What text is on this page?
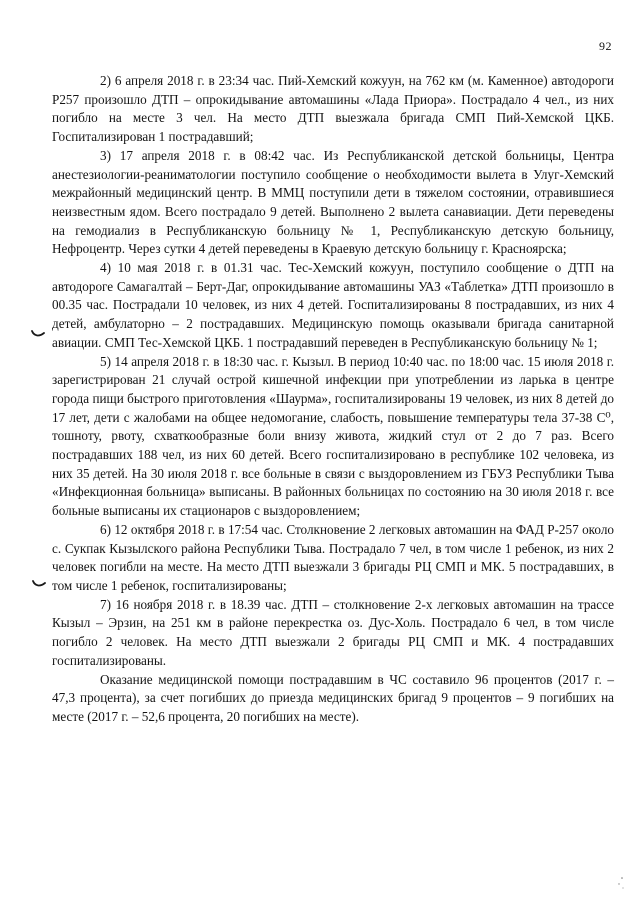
92

2) 6 апреля 2018 г. в 23:34 час. Пий-Хемский кожуун, на 762 км (м. Каменное) автодороги Р257 произошло ДТП – опрокидывание автомашины «Лада Приора». Пострадало 4 чел., из них погибло на месте 3 чел. На место ДТП выезжала бригада СМП Пий-Хемской ЦКБ. Госпитализирован 1 пострадавший;

3) 17 апреля 2018 г. в 08:42 час. Из Республиканской детской больницы, Центра анестезиологии-реаниматологии поступило сообщение о необходимости вылета в Улуг-Хемский межрайонный медицинский центр. В ММЦ поступили дети в тяжелом состоянии, отравившиеся неизвестным ядом. Всего пострадало 9 детей. Выполнено 2 вылета санавиации. Дети переведены на гемодиализ в Республиканскую больницу № 1, Республиканскую детскую больницу, Нефроцентр. Через сутки 4 детей переведены в Краевую детскую больницу г. Красноярска;

4) 10 мая 2018 г. в 01.31 час. Тес-Хемский кожуун, поступило сообщение о ДТП на автодороге Самагалтай – Берт-Даг, опрокидывание автомашины УАЗ «Таблетка» ДТП произошло в 00.35 час. Пострадали 10 человек, из них 4 детей. Госпитализированы 8 пострадавших, из них 4 детей, амбулаторно – 2 пострадавших. Медицинскую помощь оказывали бригада санитарной авиации. СМП Тес-Хемской ЦКБ. 1 пострадавший переведен в Республиканскую больницу № 1;

5) 14 апреля 2018 г. в 18:30 час. г. Кызыл. В период 10:40 час. по 18:00 час. 15 июля 2018 г. зарегистрирован 21 случай острой кишечной инфекции при употреблении из ларька в центре города пищи быстрого приготовления «Шаурма», госпитализированы 19 человек, из них 8 детей до 17 лет, дети с жалобами на общее недомогание, слабость, повышение температуры тела 37-38 С⁰, тошноту, рвоту, схваткообразные боли внизу живота, жидкий стул от 2 до 7 раз. Всего пострадавших 188 чел, из них 60 детей. Всего госпитализировано в республике 102 человека, из них 35 детей. На 30 июля 2018 г. все больные в связи с выздоровлением из ГБУЗ Республики Тыва «Инфекционная больница» выписаны. В районных больницах по состоянию на 30 июля 2018 г. все больные выписаны их стационаров с выздоровлением;

6) 12 октября 2018 г. в 17:54 час. Столкновение 2 легковых автомашин на ФАД Р-257 около с. Сукпак Кызылского района Республики Тыва. Пострадало 7 чел, в том числе 1 ребенок, из них 2 человек погибли на месте. На место ДТП выезжали 3 бригады РЦ СМП и МК. 5 пострадавших, в том числе 1 ребенок, госпитализированы;

7) 16 ноября 2018 г. в 18.39 час. ДТП – столкновение 2-х легковых автомашин на трассе Кызыл – Эрзин, на 251 км в районе перекрестка оз. Дус-Холь. Пострадало 6 чел, в том числе погибло 2 человек. На место ДТП выезжали 2 бригады РЦ СМП и МК. 4 пострадавших госпитализированы.

Оказание медицинской помощи пострадавшим в ЧС составило 96 процентов (2017 г. – 47,3 процента), за счет погибших до приезда медицинских бригад 9 процентов – 9 погибших на месте (2017 г. – 52,6 процента, 20 погибших на месте).
